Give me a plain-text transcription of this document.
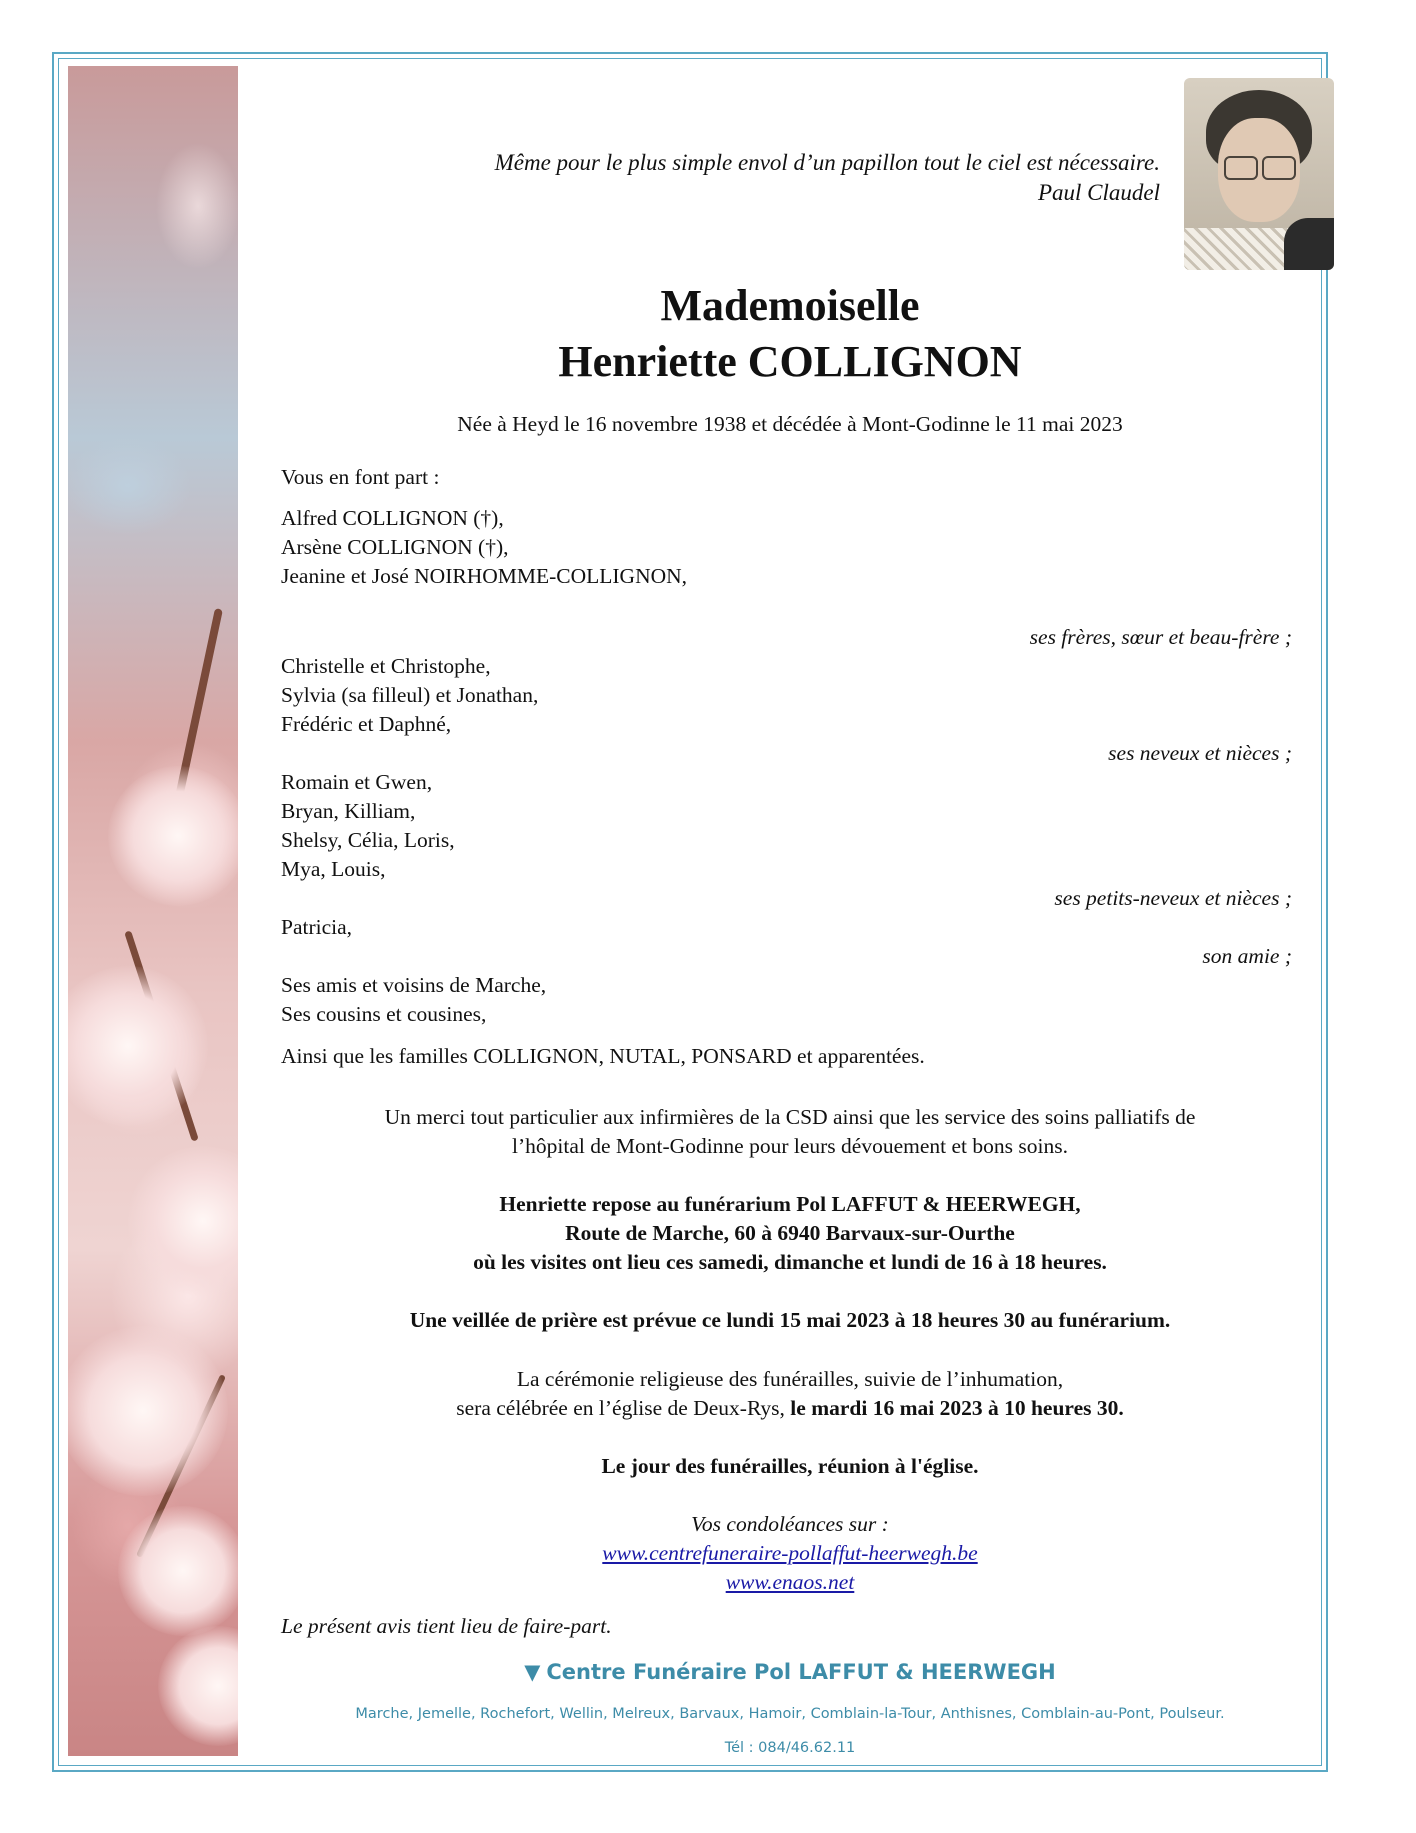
Même pour le plus simple envol d’un papillon tout le ciel est nécessaire.
Paul Claudel
Mademoiselle
Henriette COLLIGNON
Née à Heyd le 16 novembre 1938 et décédée à Mont-Godinne le 11 mai 2023
Vous en font part :
Alfred COLLIGNON (†),
Arsène COLLIGNON (†),
Jeanine et José NOIRHOMME-COLLIGNON,
ses frères, sœur et beau-frère ;
Christelle et Christophe,
Sylvia (sa filleul) et Jonathan,
Frédéric et Daphné,
ses neveux et nièces ;
Romain et Gwen,
Bryan, Killiam,
Shelsy, Célia, Loris,
Mya, Louis,
ses petits-neveux et nièces ;
Patricia,
son amie ;
Ses amis et voisins de Marche,
Ses cousins et cousines,
Ainsi que les familles COLLIGNON, NUTAL, PONSARD et apparentées.
Un merci tout particulier aux infirmières de la CSD ainsi que les service des soins palliatifs de
l’hôpital de Mont-Godinne pour leurs dévouement et bons soins.
Henriette repose au funérarium Pol LAFFUT & HEERWEGH,
Route de Marche, 60 à 6940 Barvaux-sur-Ourthe
où les visites ont lieu ces samedi, dimanche et lundi de 16 à 18 heures.
Une veillée de prière est prévue ce lundi 15 mai 2023 à 18 heures 30 au funérarium.
La cérémonie religieuse des funérailles, suivie de l’inhumation,
sera célébrée en l’église de Deux-Rys, le mardi 16 mai 2023 à 10 heures 30.
Le jour des funérailles, réunion à l'église.
Vos condoléances sur :
www.centrefuneraire-pollaffut-heerwegh.be
www.enaos.net
Le présent avis tient lieu de faire-part.
▼ Centre Funéraire Pol LAFFUT & HEERWEGH
Marche, Jemelle, Rochefort, Wellin, Melreux, Barvaux, Hamoir, Comblain-la-Tour, Anthisnes, Comblain-au-Pont, Poulseur.
Tél : 084/46.62.11
